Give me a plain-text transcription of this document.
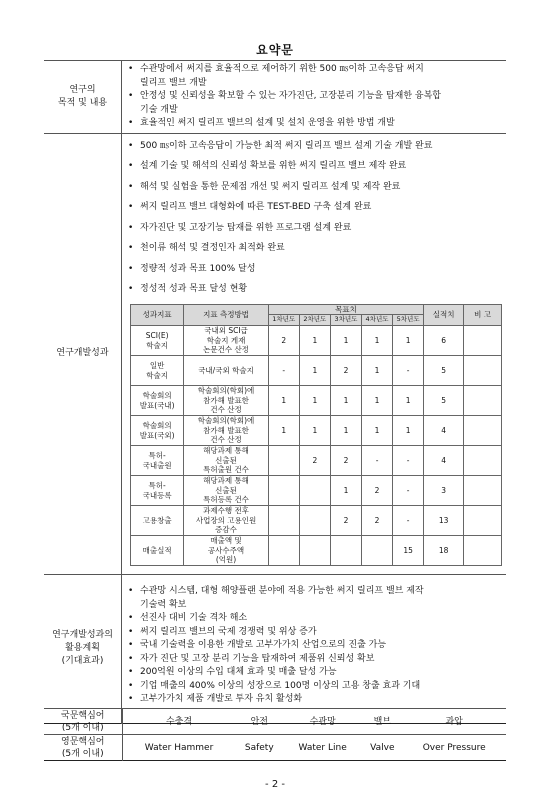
요약문
연구의
목적 및 내용	
• 수관망에서 써지를 효율적으로 제어하기 위한 500 ㎳이하 고속응답 써지
릴리프 밸브 개발
• 안정성 및 신뢰성을 확보할 수 있는 자가진단, 고장분리 기능을 탑재한 융복합
기술 개발
• 효율적인 써지 릴리프 밸브의 설계 및 설치 운영을 위한 방법 개발

연구개발성과	
• 500 ㎳이하 고속응답이 가능한 최적 써지 릴리프 밸브 설계 기술 개발 완료
• 설계 기술 및 해석의 신뢰성 확보를 위한 써지 릴리프 밸브 제작 완료
• 해석 및 실험을 통한 문제점 개선 및 써지 릴리프 설계 및 제작 완료
• 써지 릴리프 밸브 대형화에 따른 TEST-BED 구축 설계 완료
• 자가진단 및 고장기능 탑재를 위한 프로그램 설계 완료
• 천이류 해석 및 결정인자 최적화 완료
• 정량적 성과 목표 100% 달성
• 정성적 성과 목표 달성 현황
성과지표	지표 측정방법	목표치	실적치	비 고
1차년도	2차년도	3차년도	4차년도	5차년도
SCI(E)
학술지	국내외 SCI급
학술지 게재
논문건수 산정	2	1	1	1	1	6	
일반
학술지	국내/국외 학술지	-	1	2	1	-	5	
학술회의
발표(국내)	학술회의(학회)에
참가해 발표한
건수 산정	1	1	1	1	1	5	
학술회의
발표(국외)	학술회의(학회)에
참가해 발표한
건수 산정	1	1	1	1	1	4	
특허-
국내출원	해당과제 통해
신출된
특허출원 건수		2	2	-	-	4	
특허-
국내등록	해당과제 통해
신출된
특허등록 건수			1	2	-	3	
고용창출	과제수행 전후
사업장의 고용인원
증감수			2	2	-	13	
매출실적	매출액 및
공사수주액
(억원)					15	18	

연구개발성과의
활용계획
(기대효과)	
• 수관망 시스템, 대형 해양플랜 분야에 적용 가능한 써지 릴리프 밸브 제작
기술력 확보
• 선진사 대비 기술 격차 해소
• 써지 릴리프 밸브의 국제 경쟁력 및 위상 증가
• 국내 기술력을 이용한 개발로 고부가가치 산업으로의 진출 가능
• 자가 진단 및 고장 분리 기능을 탑재하여 제품위 신뢰성 확보
• 200억원 이상의 수입 대체 효과 및 매출 달성 가능
• 기업 매출의 400% 이상의 성장으로 100명 이상의 고용 창출 효과 기대
• 고부가가치 제품 개발로 투자 유치 활성화
국문핵심어
(5개 이내)	수충격	안전	수관망	밸브	과압
영문핵심어
(5개 이내)	Water Hammer	Safety	Water Line	Valve	Over Pressure
- 2 -
